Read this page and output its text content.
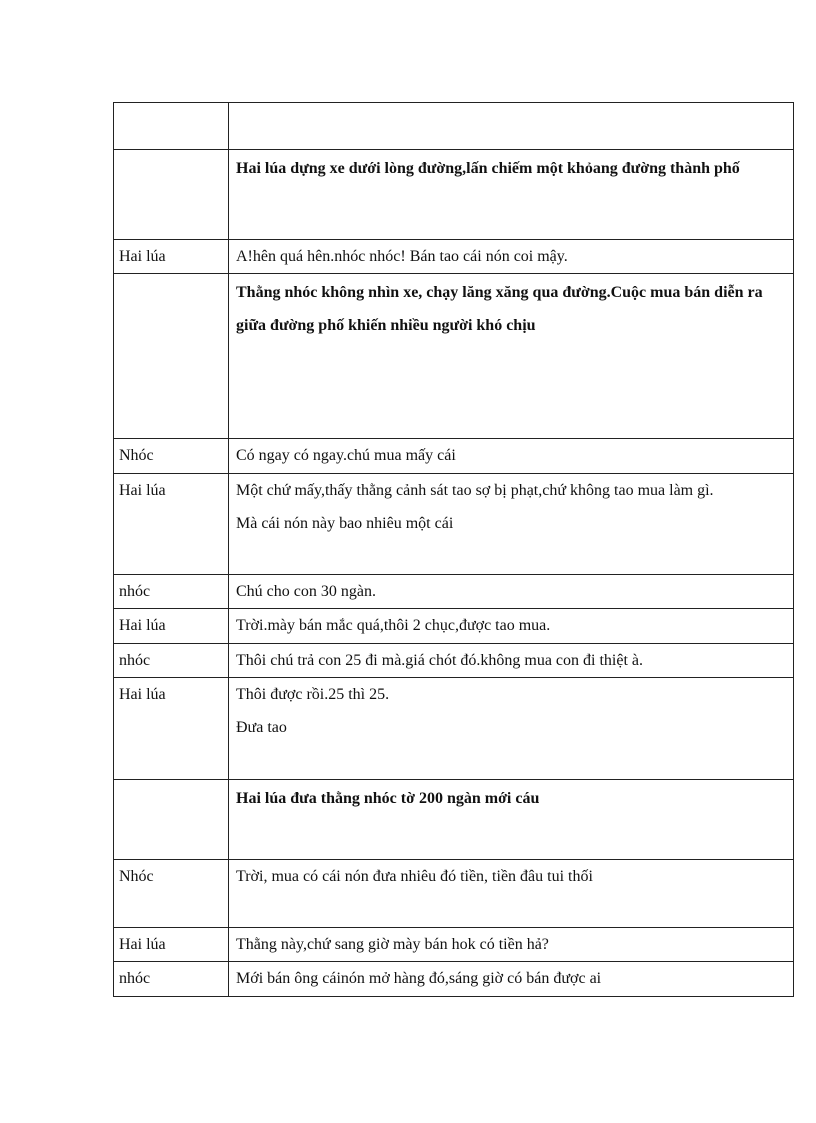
	Hai lúa dựng xe dưới lòng đường,lấn chiếm một khỏang đường thành phố

Hai lúa	A!hên quá hên.nhóc nhóc! Bán tao cái nón coi mậy.

	Thằng nhóc không nhìn xe, chạy lăng xăng qua đường.Cuộc mua bán diễn ra giữa đường phố khiến nhiều người khó chịu

Nhóc	Có ngay có ngay.chú mua mấy cái

Hai lúa	Một chứ mấy,thấy thằng cảnh sát tao sợ bị phạt,chứ không tao mua làm gì.
Mà cái nón này bao nhiêu một cái

nhóc	Chú cho con 30 ngàn.

Hai lúa	Trời.mày bán mắc quá,thôi 2 chục,được tao mua.

nhóc	Thôi chú trả con 25 đi mà.giá chót đó.không mua con đi thiệt à.

Hai lúa	Thôi được rồi.25 thì 25.
Đưa tao

	Hai lúa đưa thằng nhóc tờ 200 ngàn mới cáu

Nhóc	Trời, mua có cái nón đưa nhiêu đó tiền, tiền đâu tui thối

Hai lúa	Thằng này,chứ sang giờ mày bán hok có tiền hả?

nhóc	Mới bán ông cáinón mở hàng đó,sáng giờ có bán được ai
